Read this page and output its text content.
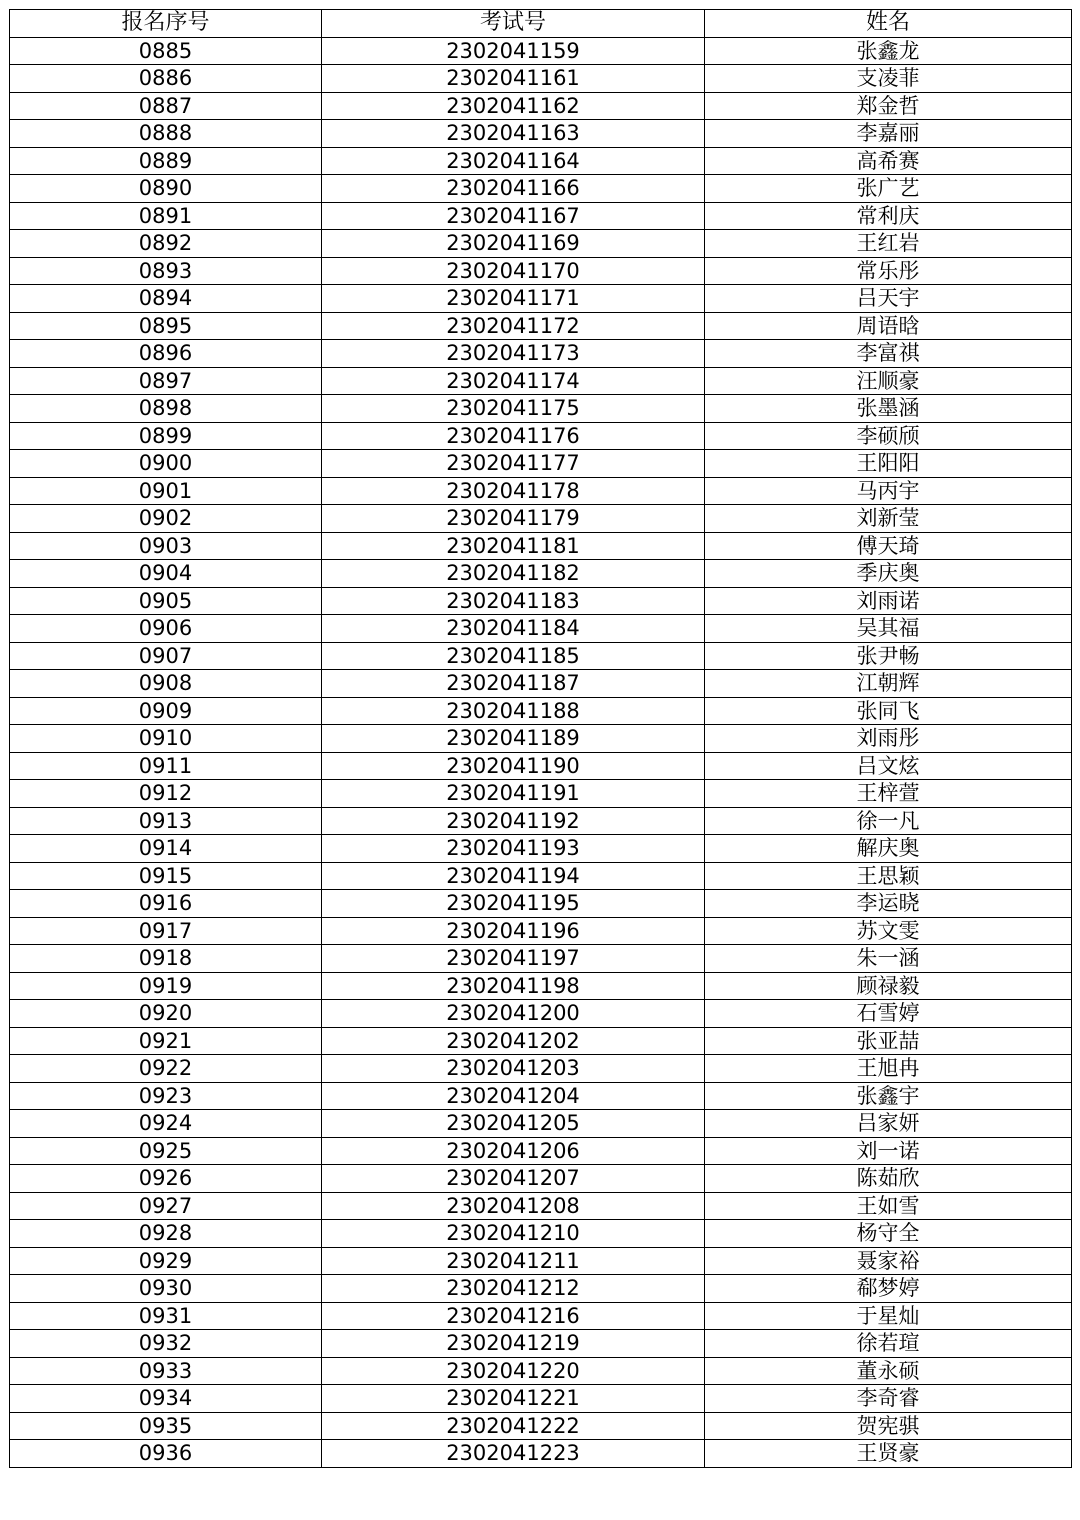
报名序号	考试号	姓名
0885	2302041159	张鑫龙
0886	2302041161	支凌菲
0887	2302041162	郑金哲
0888	2302041163	李嘉丽
0889	2302041164	高希赛
0890	2302041166	张广艺
0891	2302041167	常利庆
0892	2302041169	王红岩
0893	2302041170	常乐彤
0894	2302041171	吕天宇
0895	2302041172	周语晗
0896	2302041173	李富祺
0897	2302041174	汪顺豪
0898	2302041175	张墨涵
0899	2302041176	李硕颀
0900	2302041177	王阳阳
0901	2302041178	马丙宇
0902	2302041179	刘新莹
0903	2302041181	傅天琦
0904	2302041182	季庆奥
0905	2302041183	刘雨诺
0906	2302041184	吴其福
0907	2302041185	张尹畅
0908	2302041187	江朝辉
0909	2302041188	张同飞
0910	2302041189	刘雨彤
0911	2302041190	吕文炫
0912	2302041191	王梓萱
0913	2302041192	徐一凡
0914	2302041193	解庆奥
0915	2302041194	王思颖
0916	2302041195	李运晓
0917	2302041196	苏文雯
0918	2302041197	朱一涵
0919	2302041198	顾禄毅
0920	2302041200	石雪婷
0921	2302041202	张亚喆
0922	2302041203	王旭冉
0923	2302041204	张鑫宇
0924	2302041205	吕家妍
0925	2302041206	刘一诺
0926	2302041207	陈茹欣
0927	2302041208	王如雪
0928	2302041210	杨守全
0929	2302041211	聂家裕
0930	2302041212	郗梦婷
0931	2302041216	于星灿
0932	2302041219	徐若瑄
0933	2302041220	董永硕
0934	2302041221	李奇睿
0935	2302041222	贺宪骐
0936	2302041223	王贤豪
